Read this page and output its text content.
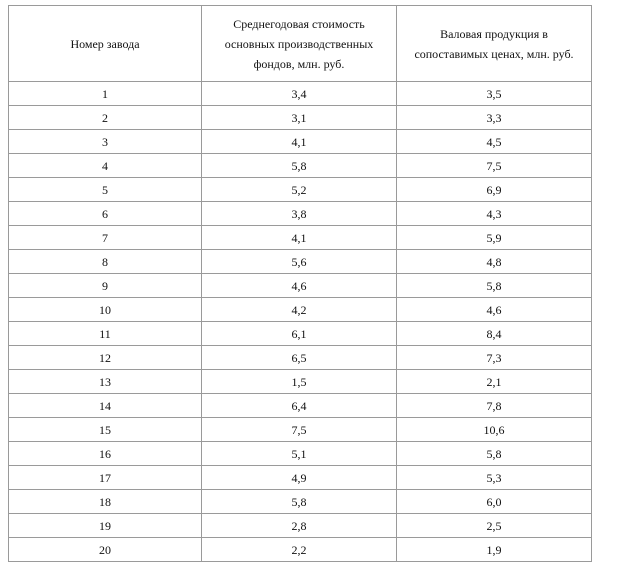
Номер завода	Среднегодовая стоимость основных производственных фондов, млн. руб.	Валовая продукция в сопоставимых ценах, млн. руб.
1	3,4	3,5
2	3,1	3,3
3	4,1	4,5
4	5,8	7,5
5	5,2	6,9
6	3,8	4,3
7	4,1	5,9
8	5,6	4,8
9	4,6	5,8
10	4,2	4,6
11	6,1	8,4
12	6,5	7,3
13	1,5	2,1
14	6,4	7,8
15	7,5	10,6
16	5,1	5,8
17	4,9	5,3
18	5,8	6,0
19	2,8	2,5
20	2,2	1,9
